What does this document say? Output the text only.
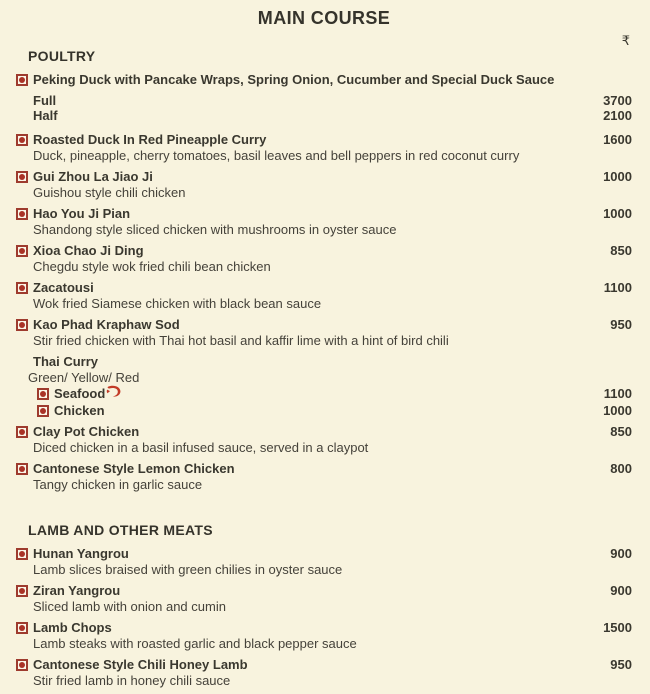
MAIN COURSE
₹
POULTRY
Peking Duck with Pancake Wraps, Spring Onion, Cucumber and Special Duck Sauce
Full	3700
Half	2100
Roasted Duck In Red Pineapple Curry	1600
Duck, pineapple, cherry tomatoes, basil leaves and bell peppers in red coconut curry
Gui Zhou La Jiao Ji	1000
Guishou style chili chicken
Hao You Ji Pian	1000
Shandong style sliced chicken with mushrooms in oyster sauce
Xioa Chao Ji Ding	850
Chegdu style wok fried chili bean chicken
Zacatousi	1100
Wok fried Siamese chicken with black bean sauce
Kao Phad Kraphaw Sod	950
Stir fried chicken with Thai hot basil and kaffir lime with a hint of bird chili
Thai Curry
Green/ Yellow/ Red
Seafood	1100
Chicken	1000
Clay Pot Chicken	850
Diced chicken in a basil infused sauce, served in a claypot
Cantonese Style Lemon Chicken	800
Tangy chicken in garlic sauce
LAMB AND OTHER MEATS
Hunan Yangrou	900
Lamb slices braised with green chilies in oyster sauce
Ziran Yangrou	900
Sliced lamb with onion and cumin
Lamb Chops	1500
Lamb steaks with roasted garlic and black pepper sauce
Cantonese Style Chili Honey Lamb	950
Stir fried lamb in honey chili sauce
